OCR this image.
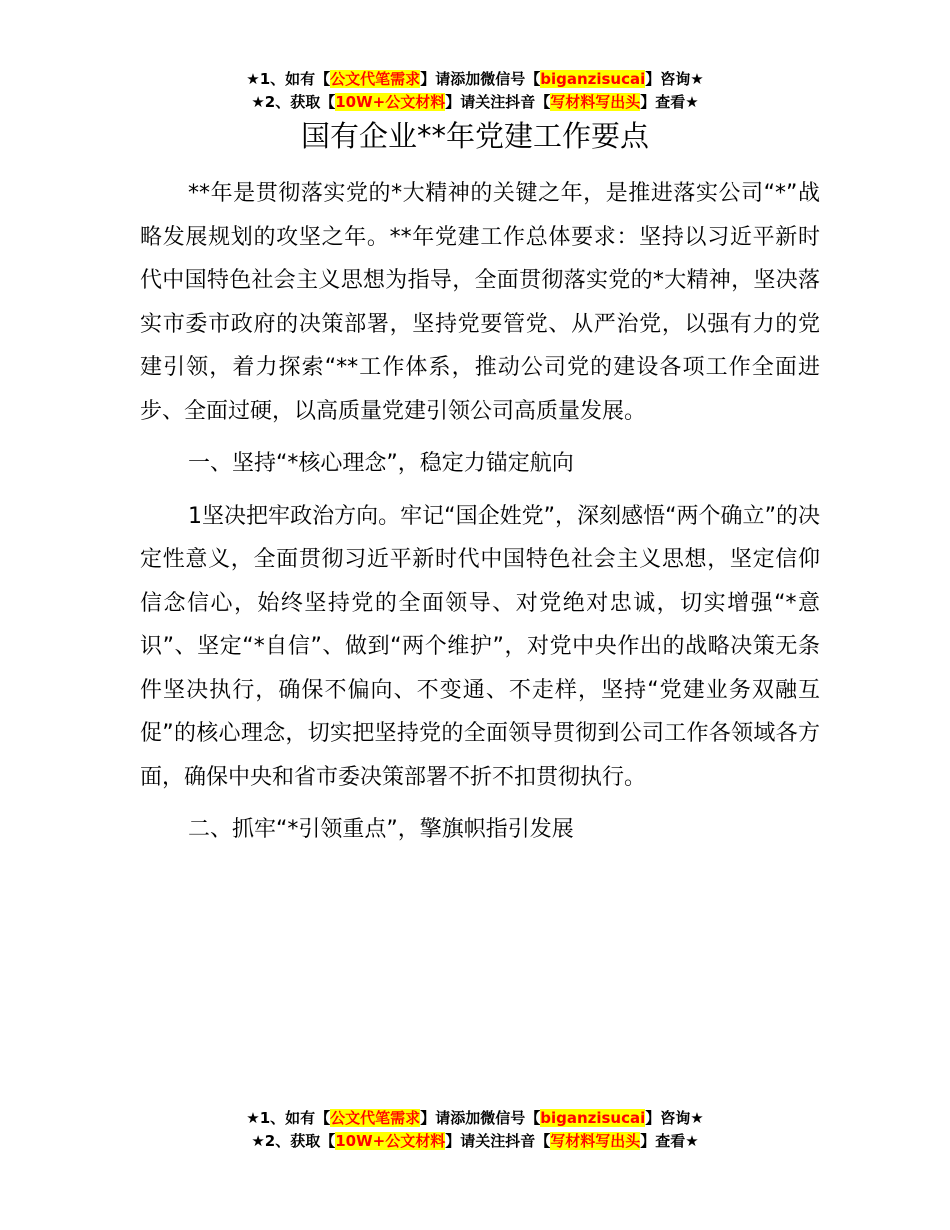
★1、如有【公文代笔需求】请添加微信号【biganzisucai】咨询★
★2、获取【10W+公文材料】请关注抖音【写材料写出头】查看★
国有企业**年党建工作要点

**年是贯彻落实党的*大精神的关键之年，是推进落实公司“*”战略发展规划的攻坚之年。**年党建工作总体要求：坚持以习近平新时代中国特色社会主义思想为指导，全面贯彻落实党的*大精神，坚决落实市委市政府的决策部署，坚持党要管党、从严治党，以强有力的党建引领，着力探索“**工作体系，推动公司党的建设各项工作全面进步、全面过硬，以高质量党建引领公司高质量发展。

一、坚持“*核心理念”，稳定力锚定航向

1坚决把牢政治方向。牢记“国企姓党”，深刻感悟“两个确立”的决定性意义，全面贯彻习近平新时代中国特色社会主义思想，坚定信仰信念信心，始终坚持党的全面领导、对党绝对忠诚，切实增强“*意识”、坚定“*自信”、做到“两个维护”，对党中央作出的战略决策无条件坚决执行，确保不偏向、不变通、不走样，坚持“党建业务双融互促”的核心理念，切实把坚持党的全面领导贯彻到公司工作各领域各方面，确保中央和省市委决策部署不折不扣贯彻执行。

二、抓牢“*引领重点”，擎旗帜指引发展

★1、如有【公文代笔需求】请添加微信号【biganzisucai】咨询★
★2、获取【10W+公文材料】请关注抖音【写材料写出头】查看★
